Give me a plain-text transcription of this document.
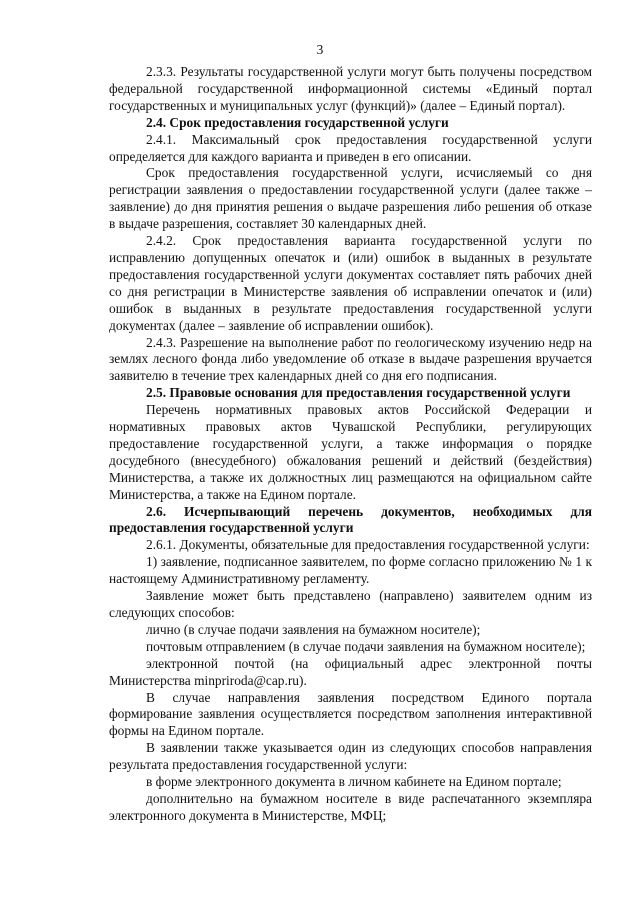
3

2.3.3. Результаты государственной услуги могут быть получены посредством федеральной государственной информационной системы «Единый портал государственных и муниципальных услуг (функций)» (далее – Единый портал).

2.4. Срок предоставления государственной услуги

2.4.1. Максимальный срок предоставления государственной услуги определяется для каждого варианта и приведен в его описании.

Срок предоставления государственной услуги, исчисляемый со дня регистрации заявления о предоставлении государственной услуги (далее также – заявление) до дня принятия решения о выдаче разрешения либо решения об отказе в выдаче разрешения, составляет 30 календарных дней.

2.4.2. Срок предоставления варианта государственной услуги по исправлению допущенных опечаток и (или) ошибок в выданных в результате предоставления государственной услуги документах составляет пять рабочих дней со дня регистрации в Министерстве заявления об исправлении опечаток и (или) ошибок в выданных в результате предоставления государственной услуги документах (далее – заявление об исправлении ошибок).

2.4.3. Разрешение на выполнение работ по геологическому изучению недр на землях лесного фонда либо уведомление об отказе в выдаче разрешения вручается заявителю в течение трех календарных дней со дня его подписания.

2.5. Правовые основания для предоставления государственной услуги

Перечень нормативных правовых актов Российской Федерации и нормативных правовых актов Чувашской Республики, регулирующих предоставление государственной услуги, а также информация о порядке досудебного (внесудебного) обжалования решений и действий (бездействия) Министерства, а также их должностных лиц размещаются на официальном сайте Министерства, а также на Едином портале.

2.6. Исчерпывающий перечень документов, необходимых для предоставления государственной услуги

2.6.1. Документы, обязательные для предоставления государственной услуги:

1) заявление, подписанное заявителем, по форме согласно приложению № 1 к настоящему Административному регламенту.

Заявление может быть представлено (направлено) заявителем одним из следующих способов:

лично (в случае подачи заявления на бумажном носителе);

почтовым отправлением (в случае подачи заявления на бумажном носителе);

электронной почтой (на официальный адрес электронной почты Министерства minpriroda@cap.ru).

В случае направления заявления посредством Единого портала формирование заявления осуществляется посредством заполнения интерактивной формы на Едином портале.

В заявлении также указывается один из следующих способов направления результата предоставления государственной услуги:

в форме электронного документа в личном кабинете на Едином портале;

дополнительно на бумажном носителе в виде распечатанного экземпляра электронного документа в Министерстве, МФЦ;
